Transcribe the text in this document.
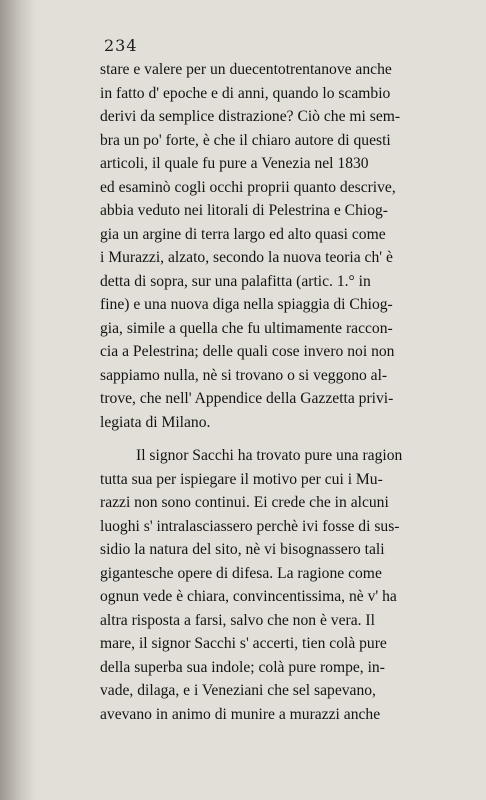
234
stare e valere per un duecentotrentanove anche
in fatto d' epoche e di anni, quando lo scambio
derivi da semplice distrazione? Ciò che mi sem-
bra un po' forte, è che il chiaro autore di questi
articoli, il quale fu pure a Venezia nel 1830
ed esaminò cogli occhi proprii quanto descrive,
abbia veduto nei litorali di Pelestrina e Chiog-
gia un argine di terra largo ed alto quasi come
i Murazzi, alzato, secondo la nuova teoria ch' è
detta di sopra, sur una palafitta (artic. 1.° in
fine) e una nuova diga nella spiaggia di Chiog-
gia, simile a quella che fu ultimamente raccon-
cia a Pelestrina; delle quali cose invero noi non
sappiamo nulla, nè si trovano o si veggono al-
trove, che nell' Appendice della Gazzetta privi-
legiata di Milano.
Il signor Sacchi ha trovato pure una ragion
tutta sua per ispiegare il motivo per cui i Mu-
razzi non sono continui. Ei crede che in alcuni
luoghi s' intralasciassero perchè ivi fosse di sus-
sidio la natura del sito, nè vi bisognassero tali
gigantesche opere di difesa. La ragione come
ognun vede è chiara, convincentissima, nè v' ha
altra risposta a farsi, salvo che non è vera. Il
mare, il signor Sacchi s' accerti, tien colà pure
della superba sua indole; colà pure rompe, in-
vade, dilaga, e i Veneziani che sel sapevano,
avevano in animo di munire a murazzi anche
